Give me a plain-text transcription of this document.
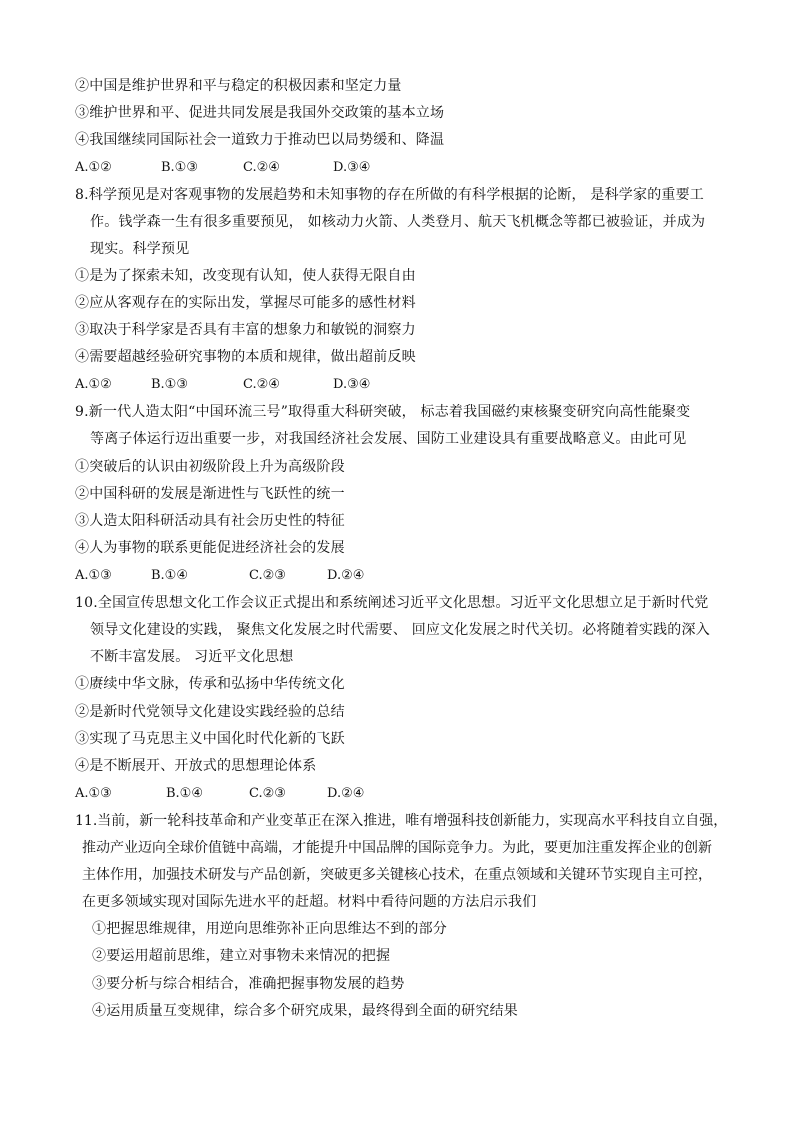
②中国是维护世界和平与稳定的积极因素和坚定力量
③维护世界和平、促进共同发展是我国外交政策的基本立场
④我国继续同国际社会一道致力于推动巴以局势缓和、降温
A.①②	B.①③	C.②④	D.③④
8.科学预见是对客观事物的发展趋势和未知事物的存在所做的有科学根据的论断， 是科学家的重要工
作。钱学森一生有很多重要预见， 如核动力火箭、人类登月、航天飞机概念等都已被验证，并成为
现实。科学预见
①是为了探索未知，改变现有认知，使人获得无限自由
②应从客观存在的实际出发，掌握尽可能多的感性材料
③取决于科学家是否具有丰富的想象力和敏锐的洞察力
④需要超越经验研究事物的本质和规律，做出超前反映
A.①②	B.①③	C.②④	D.③④
9.新一代人造太阳“中国环流三号”取得重大科研突破， 标志着我国磁约束核聚变研究向高性能聚变
等离子体运行迈出重要一步，对我国经济社会发展、国防工业建设具有重要战略意义。由此可见
①突破后的认识由初级阶段上升为高级阶段
②中国科研的发展是渐进性与飞跃性的统一
③人造太阳科研活动具有社会历史性的特征
④人为事物的联系更能促进经济社会的发展
A.①③	B.①④	C.②③	D.②④
10.全国宣传思想文化工作会议正式提出和系统阐述习近平文化思想。习近平文化思想立足于新时代党
领导文化建设的实践， 聚焦文化发展之时代需要、 回应文化发展之时代关切。必将随着实践的深入
不断丰富发展。 习近平文化思想
①赓续中华文脉，传承和弘扬中华传统文化
②是新时代党领导文化建设实践经验的总结
③实现了马克思主义中国化时代化新的飞跃
④是不断展开、开放式的思想理论体系
A.①③	B.①④	C.②③	D.②④
11.当前，新一轮科技革命和产业变革正在深入推进，唯有增强科技创新能力，实现高水平科技自立自强，
推动产业迈向全球价值链中高端，才能提升中国品牌的国际竞争力。为此，要更加注重发挥企业的创新
主体作用，加强技术研发与产品创新，突破更多关键核心技术，在重点领域和关键环节实现自主可控，
在更多领域实现对国际先进水平的赶超。材料中看待问题的方法启示我们
①把握思维规律，用逆向思维弥补正向思维达不到的部分
②要运用超前思维，建立对事物未来情况的把握
③要分析与综合相结合，准确把握事物发展的趋势
④运用质量互变规律，综合多个研究成果，最终得到全面的研究结果
